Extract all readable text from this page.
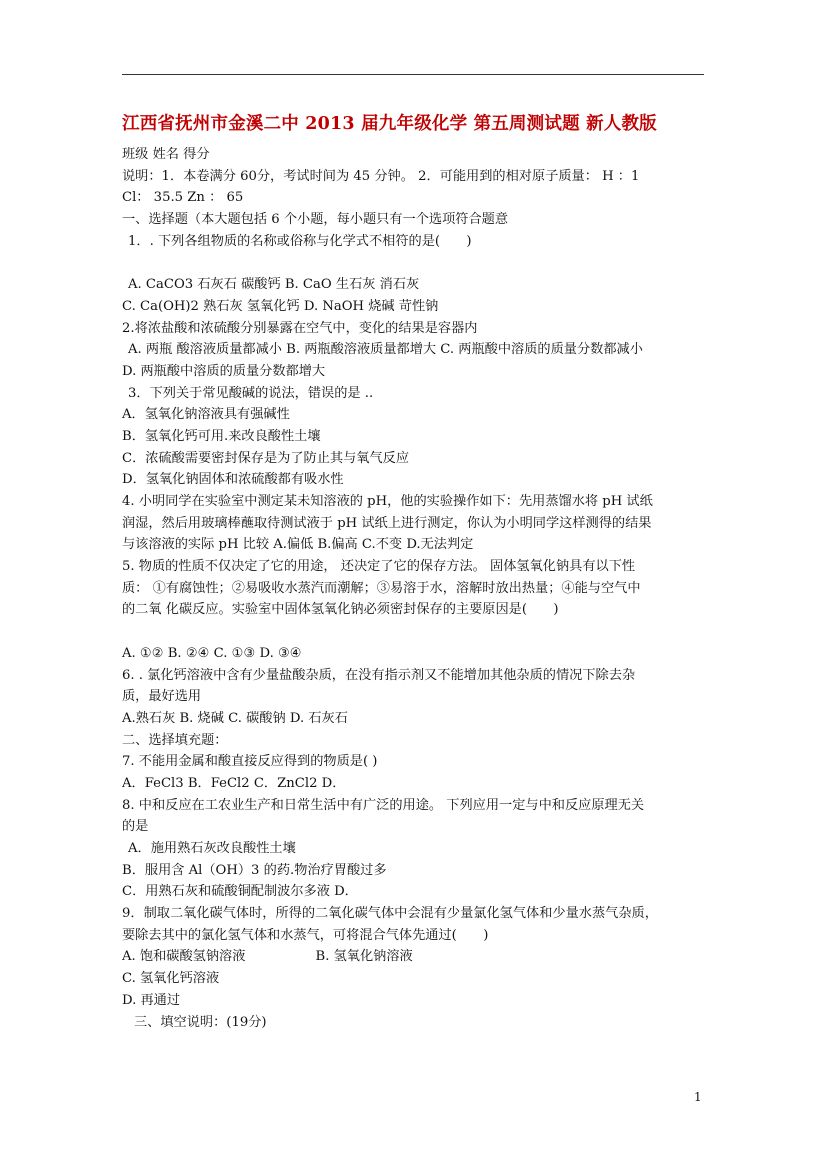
江西省抚州市金溪二中 2013 届九年级化学 第五周测试题 新人教版
班级 姓名 得分
说明：1．本卷满分 60分，考试时间为 45 分钟。 2．可能用到的相对原子质量： H ：1
Cl： 35.5 Zn ： 65
一、选择题（本大题包括 6 个小题，每小题只有一个选项符合题意
1．. 下列各组物质的名称或俗称与化学式不相符的是(　　)
A. CaCO3 石灰石 碳酸钙 B. CaO 生石灰 消石灰
C. Ca(OH)2 熟石灰 氢氧化钙 D. NaOH 烧碱 苛性钠
2.将浓盐酸和浓硫酸分别暴露在空气中，变化的结果是容器内
A. 两瓶 酸溶液质量都减小 B. 两瓶酸溶液质量都增大 C. 两瓶酸中溶质的质量分数都减小
D. 两瓶酸中溶质的质量分数都增大
3．下列关于常见酸碱的说法，错误的是 ..
A．氢氧化钠溶液具有强碱性
B．氢氧化钙可用.来改良酸性土壤
C．浓硫酸需要密封保存是为了防止其与氧气反应
D．氢氧化钠固体和浓硫酸都有吸水性
4. 小明同学在实验室中测定某未知溶液的 pH，他的实验操作如下：先用蒸馏水将 pH 试纸
润湿，然后用玻璃棒蘸取待测试液于 pH 试纸上进行测定，你认为小明同学这样测得的结果
与该溶液的实际 pH 比较 A.偏低 B.偏高 C.不变 D.无法判定
5. 物质的性质不仅决定了它的用途， 还决定了它的保存方法。 固体氢氧化钠具有以下性
质： ①有腐蚀性；②易吸收水蒸汽而潮解；③易溶于水，溶解时放出热量；④能与空气中
的二氧 化碳反应。实验室中固体氢氧化钠必须密封保存的主要原因是(　　)
A. ①② B. ②④ C. ①③ D. ③④
6. . 氯化钙溶液中含有少量盐酸杂质，在没有指示剂又不能增加其他杂质的情况下除去杂
质，最好选用
A.熟石灰 B. 烧碱 C. 碳酸钠 D. 石灰石
二、选择填充题：
7. 不能用金属和酸直接反应得到的物质是( )
A．FeCl3 B．FeCl2 C．ZnCl2 D．
8. 中和反应在工农业生产和日常生活中有广泛的用途。 下列应用一定与中和反应原理无关
的是
A．施用熟石灰改良酸性土壤
B．服用含 Al（OH）3 的药.物治疗胃酸过多
C．用熟石灰和硫酸铜配制波尔多液 D．
9．制取二氧化碳气体时，所得的二氧化碳气体中会混有少量氯化氢气体和少量水蒸气杂质，
要除去其中的氯化氢气体和水蒸气，可将混合气体先通过(　　)
A. 饱和碳酸氢钠溶液　　　　　 B. 氢氧化钠溶液
C. 氢氧化钙溶液
D. 再通过
三、填空说明：(19分)
1
